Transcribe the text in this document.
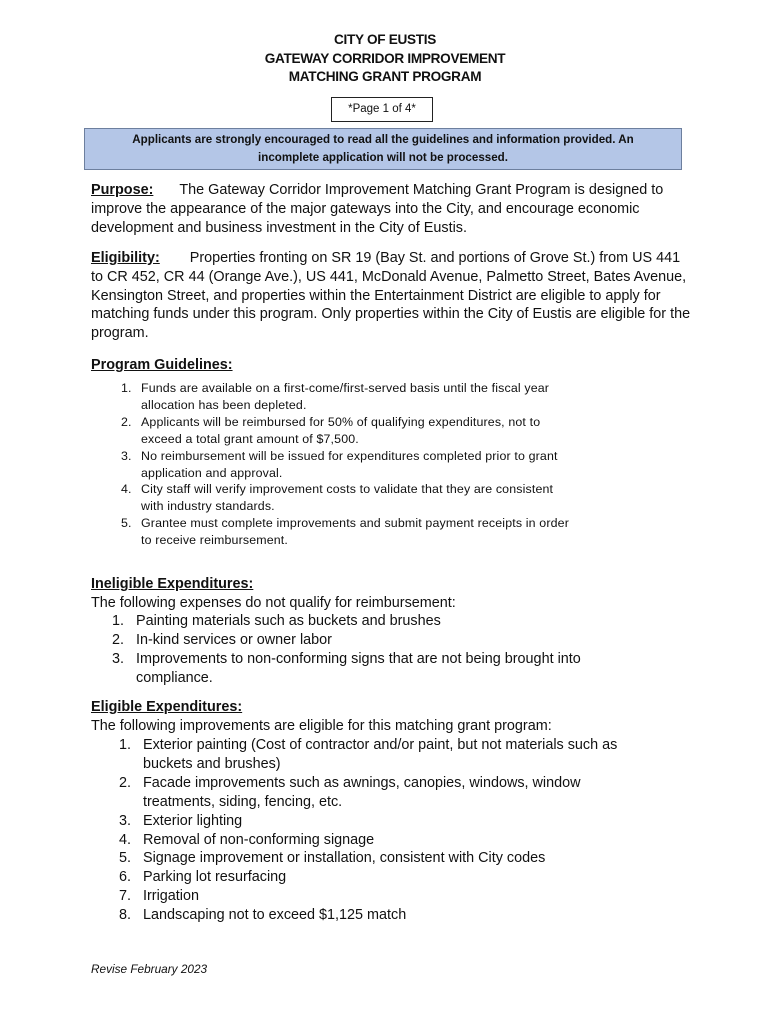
CITY OF EUSTIS
GATEWAY CORRIDOR IMPROVEMENT
MATCHING GRANT PROGRAM
*Page 1 of 4*
Applicants are strongly encouraged to read all the guidelines and information provided. An
incomplete application will not be processed.
Purpose: The Gateway Corridor Improvement Matching Grant Program is designed to improve the appearance of the major gateways into the City, and encourage economic development and business investment in the City of Eustis.
Eligibility: Properties fronting on SR 19 (Bay St. and portions of Grove St.) from US 441 to CR 452, CR 44 (Orange Ave.), US 441, McDonald Avenue, Palmetto Street, Bates Avenue, Kensington Street, and properties within the Entertainment District are eligible to apply for matching funds under this program. Only properties within the City of Eustis are eligible for the program.
Program Guidelines:
1. Funds are available on a first-come/first-served basis until the fiscal year
allocation has been depleted.
2. Applicants will be reimbursed for 50% of qualifying expenditures, not to
exceed a total grant amount of $7,500.
3. No reimbursement will be issued for expenditures completed prior to grant
application and approval.
4. City staff will verify improvement costs to validate that they are consistent
with industry standards.
5. Grantee must complete improvements and submit payment receipts in order
to receive reimbursement.
Ineligible Expenditures:
The following expenses do not qualify for reimbursement:
1. Painting materials such as buckets and brushes
2. In-kind services or owner labor
3. Improvements to non-conforming signs that are not being brought into
compliance.
Eligible Expenditures:
The following improvements are eligible for this matching grant program:
1. Exterior painting (Cost of contractor and/or paint, but not materials such as
buckets and brushes)
2. Facade improvements such as awnings, canopies, windows, window
treatments, siding, fencing, etc.
3. Exterior lighting
4. Removal of non-conforming signage
5. Signage improvement or installation, consistent with City codes
6. Parking lot resurfacing
7. Irrigation
8. Landscaping not to exceed $1,125 match
Revise February 2023
